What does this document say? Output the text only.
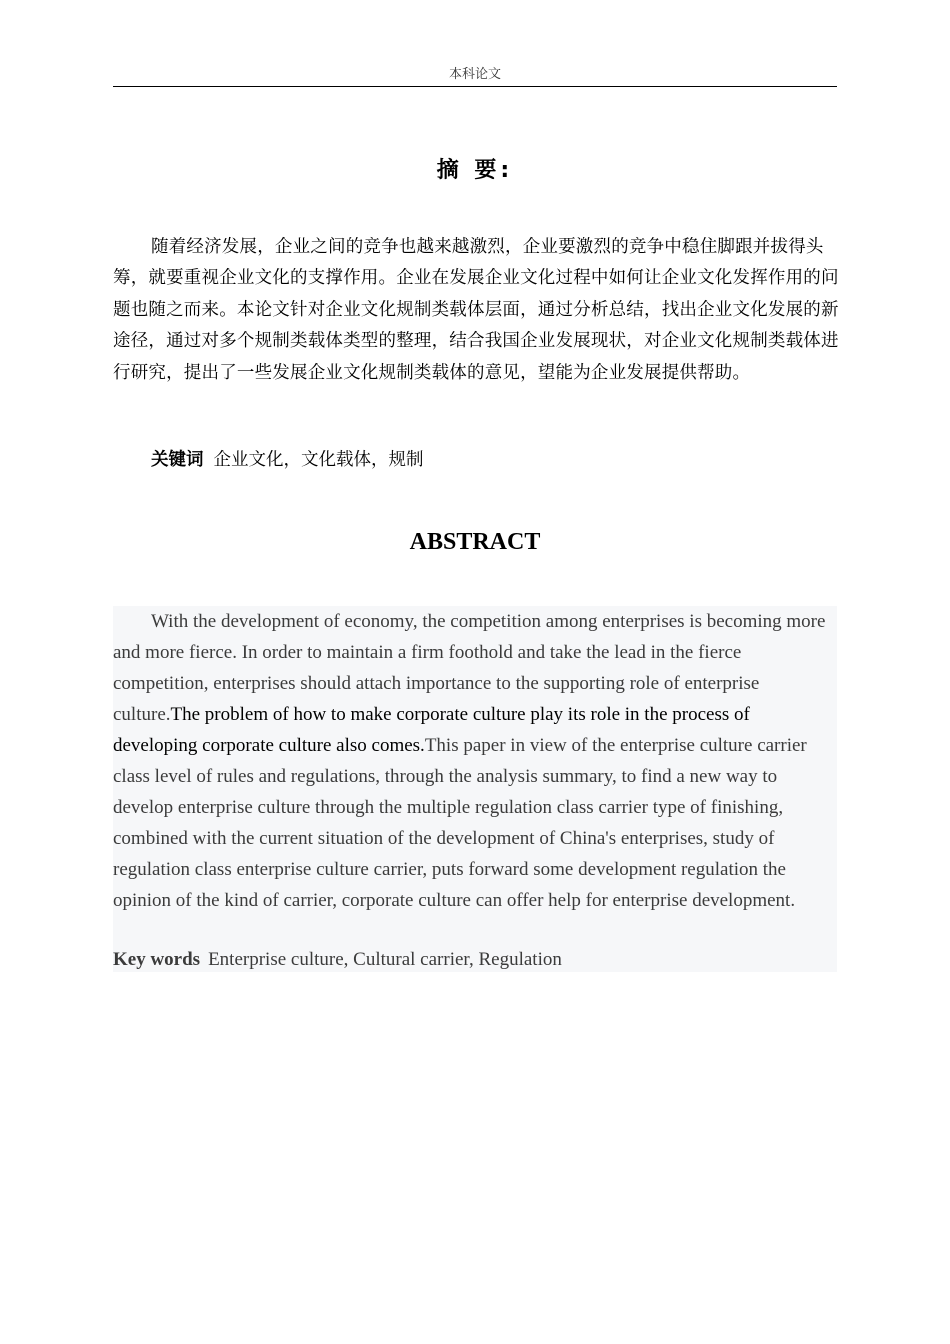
本科论文
摘 要:

随着经济发展，企业之间的竞争也越来越激烈，企业要激烈的竞争中稳住脚跟并拔得头筹，就要重视企业文化的支撑作用。企业在发展企业文化过程中如何让企业文化发挥作用的问题也随之而来。本论文针对企业文化规制类载体层面，通过分析总结，找出企业文化发展的新途径，通过对多个规制类载体类型的整理，结合我国企业发展现状，对企业文化规制类载体进行研究，提出了一些发展企业文化规制类载体的意见，望能为企业发展提供帮助。

关键词 企业文化，文化载体，规制
ABSTRACT

With the development of economy, the competition among enterprises is becoming more and more fierce. In order to maintain a firm foothold and take the lead in the fierce competition, enterprises should attach importance to the supporting role of enterprise culture.The problem of how to make corporate culture play its role in the process of developing corporate culture also comes.This paper in view of the enterprise culture carrier class level of rules and regulations, through the analysis summary, to find a new way to develop enterprise culture through the multiple regulation class carrier type of finishing, combined with the current situation of the development of China's enterprises, study of regulation class enterprise culture carrier, puts forward some development regulation the opinion of the kind of carrier, corporate culture can offer help for enterprise development.

Key words Enterprise culture, Cultural carrier, Regulation
